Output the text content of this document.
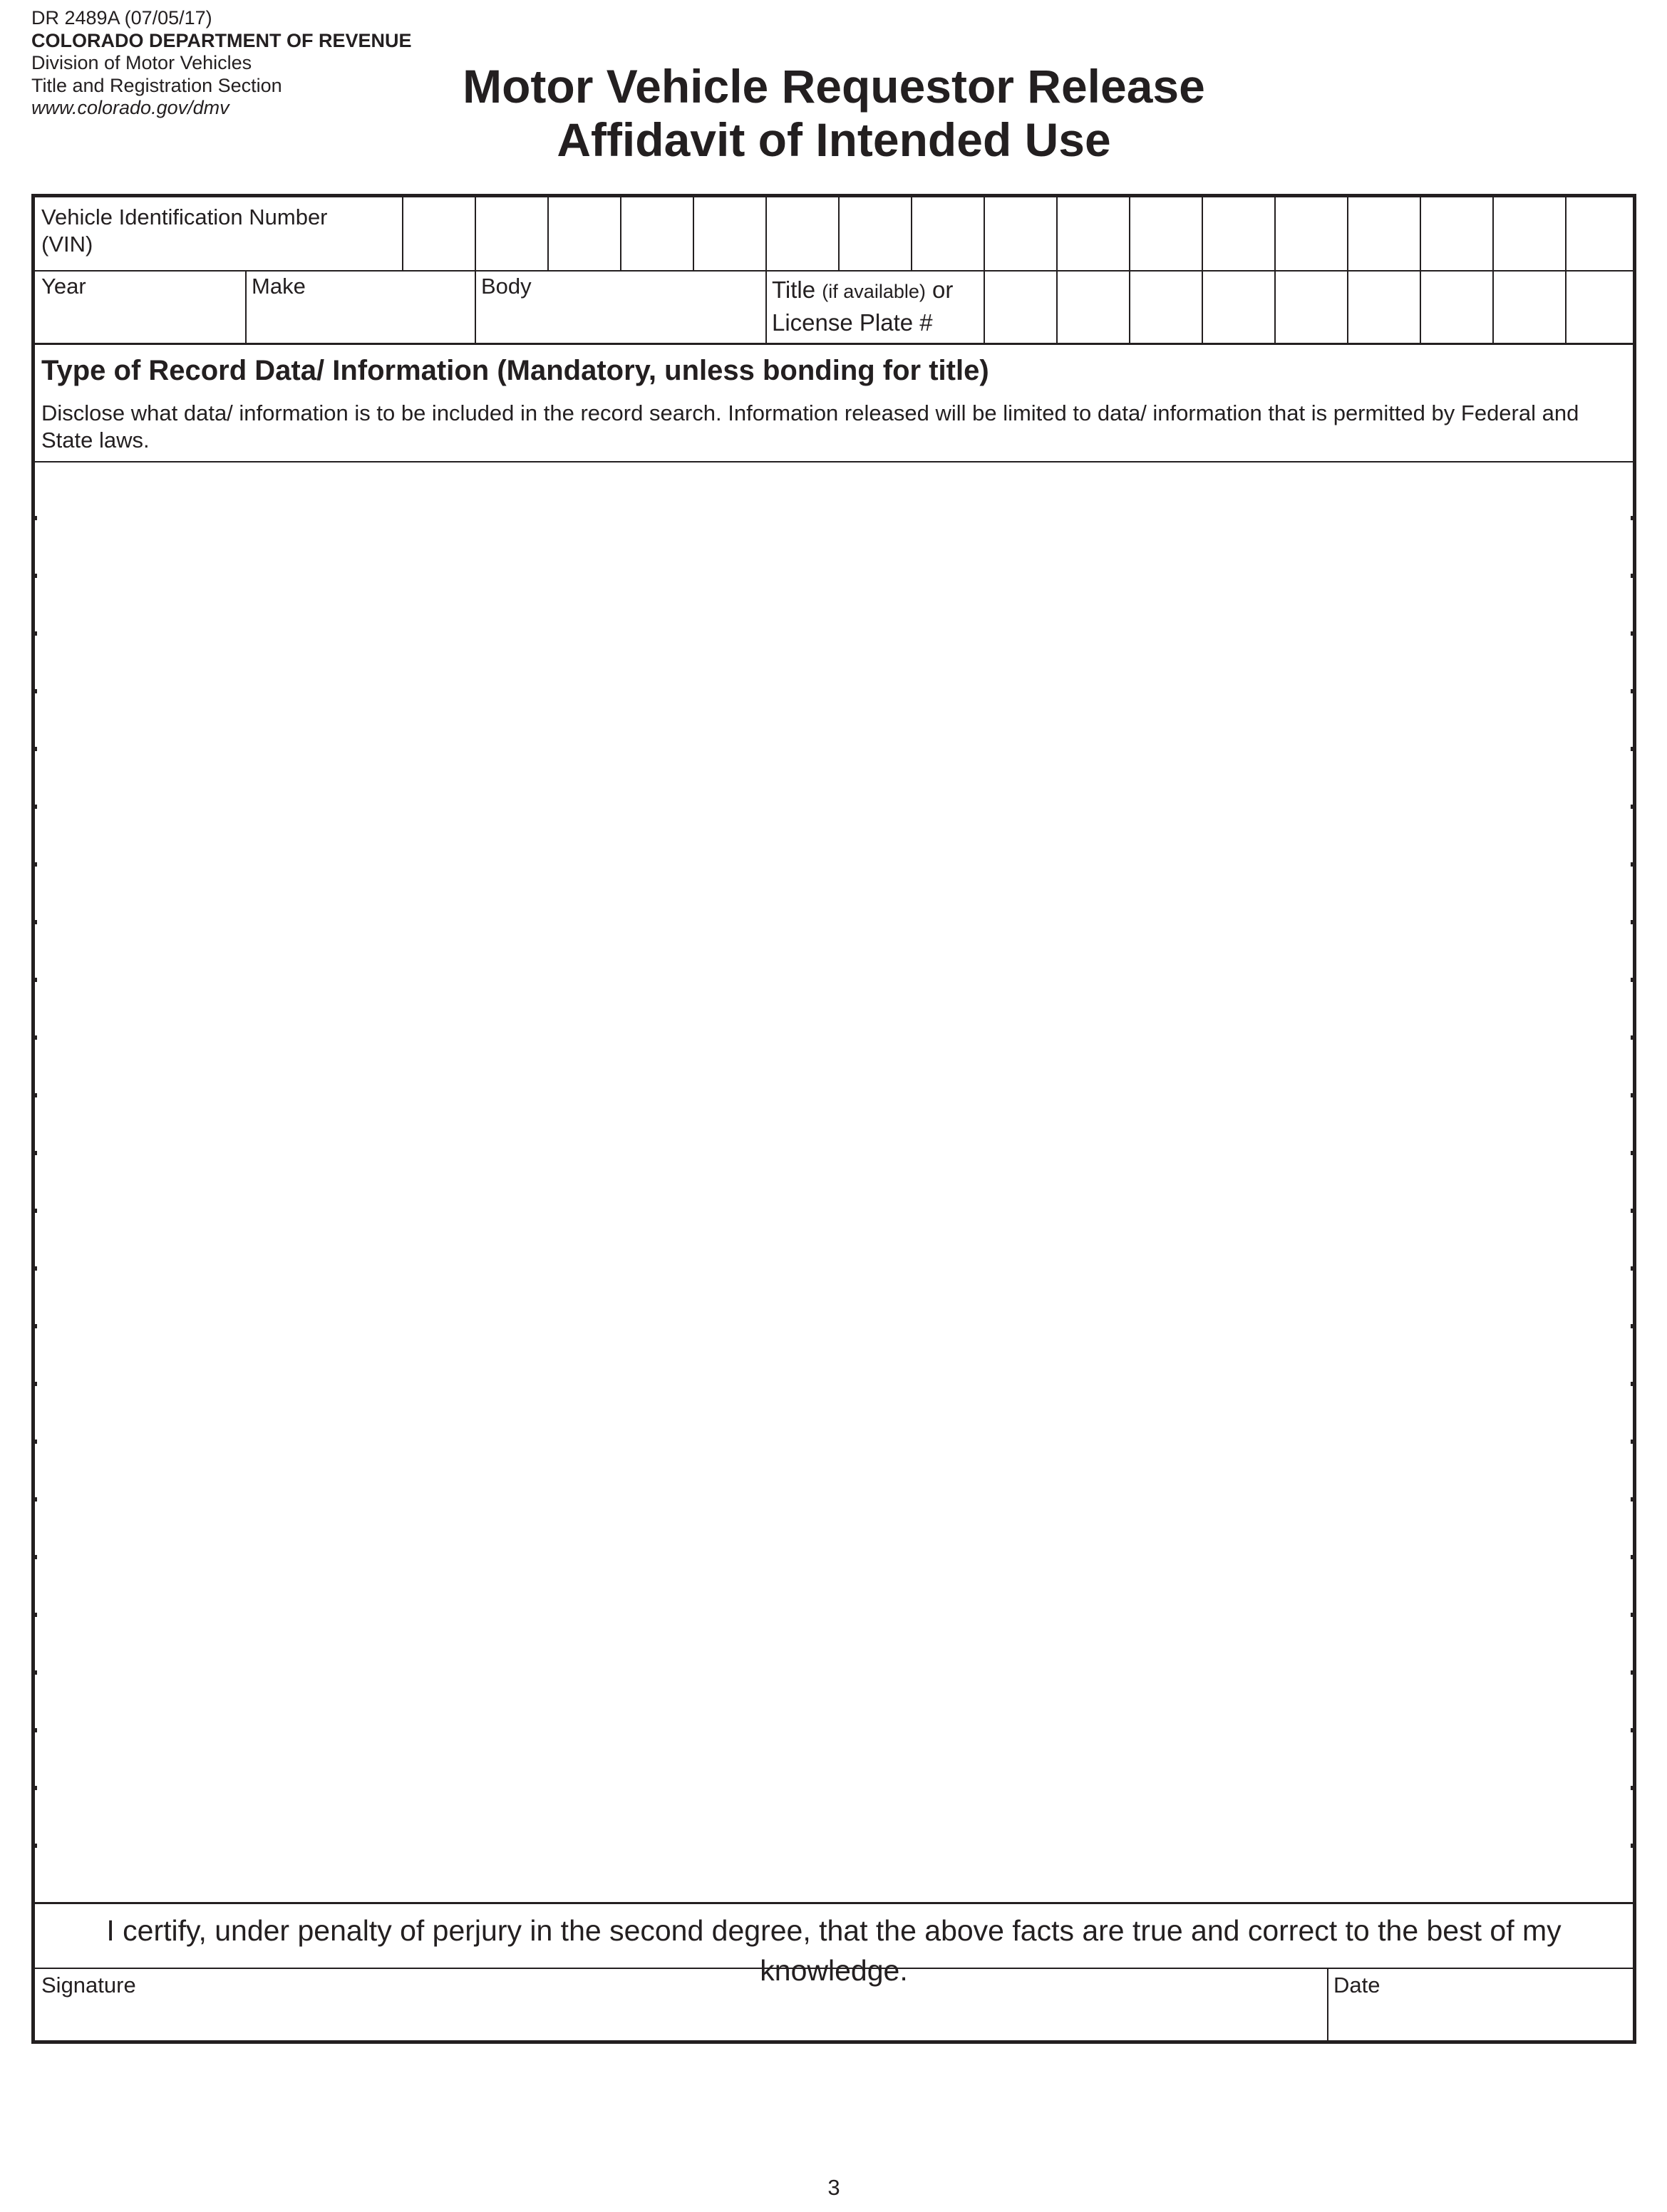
DR 2489A (07/05/17)
COLORADO DEPARTMENT OF REVENUE
Division of Motor Vehicles
Title and Registration Section
www.colorado.gov/dmv	Motor Vehicle Requestor Release
Affidavit of Intended Use
Vehicle Identification Number
(VIN)
Year	Make	Body	Title (if available) or
License Plate #
Type of Record Data/ Information (Mandatory, unless bonding for title)
Disclose what data/ information is to be included in the record search. Information released will be limited to data/ information that is permitted by Federal and State laws.
I certify, under penalty of perjury in the second degree, that the above facts are true and correct to the best of my knowledge.
Signature	Date
3
